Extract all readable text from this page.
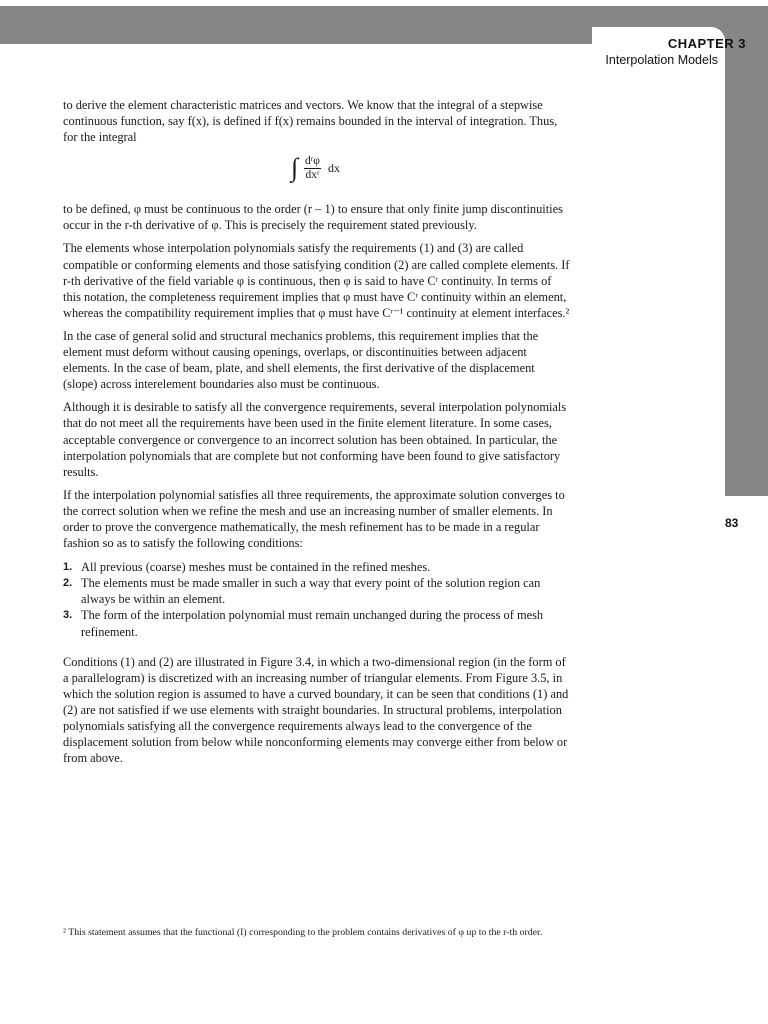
CHAPTER 3
Interpolation Models
83

to derive the element characteristic matrices and vectors. We know that the integral of a stepwise continuous function, say f(x), is defined if f(x) remains bounded in the interval of integration. Thus, for the integral

∫ dʳφ
dxʳ dx

to be defined, φ must be continuous to the order (r – 1) to ensure that only finite jump discontinuities occur in the r-th derivative of φ. This is precisely the requirement stated previously.

The elements whose interpolation polynomials satisfy the requirements (1) and (3) are called compatible or conforming elements and those satisfying condition (2) are called complete elements. If r-th derivative of the field variable φ is continuous, then φ is said to have Cʳ continuity. In terms of this notation, the completeness requirement implies that φ must have Cʳ continuity within an element, whereas the compatibility requirement implies that φ must have Cʳ⁻¹ continuity at element interfaces.²

In the case of general solid and structural mechanics problems, this requirement implies that the element must deform without causing openings, overlaps, or discontinuities between adjacent elements. In the case of beam, plate, and shell elements, the first derivative of the displacement (slope) across interelement boundaries also must be continuous.

Although it is desirable to satisfy all the convergence requirements, several interpolation polynomials that do not meet all the requirements have been used in the finite element literature. In some cases, acceptable convergence or convergence to an incorrect solution has been obtained. In particular, the interpolation polynomials that are complete but not conforming have been found to give satisfactory results.

If the interpolation polynomial satisfies all three requirements, the approximate solution converges to the correct solution when we refine the mesh and use an increasing number of smaller elements. In order to prove the convergence mathematically, the mesh refinement has to be made in a regular fashion so as to satisfy the following conditions:

1. All previous (coarse) meshes must be contained in the refined meshes.
2. The elements must be made smaller in such a way that every point of the solution region can always be within an element.
3. The form of the interpolation polynomial must remain unchanged during the process of mesh refinement.

Conditions (1) and (2) are illustrated in Figure 3.4, in which a two-dimensional region (in the form of a parallelogram) is discretized with an increasing number of triangular elements. From Figure 3.5, in which the solution region is assumed to have a curved boundary, it can be seen that conditions (1) and (2) are not satisfied if we use elements with straight boundaries. In structural problems, interpolation polynomials satisfying all the convergence requirements always lead to the convergence of the displacement solution from below while nonconforming elements may converge either from below or from above.

² This statement assumes that the functional (I) corresponding to the problem contains derivatives of φ up to the r-th order.
